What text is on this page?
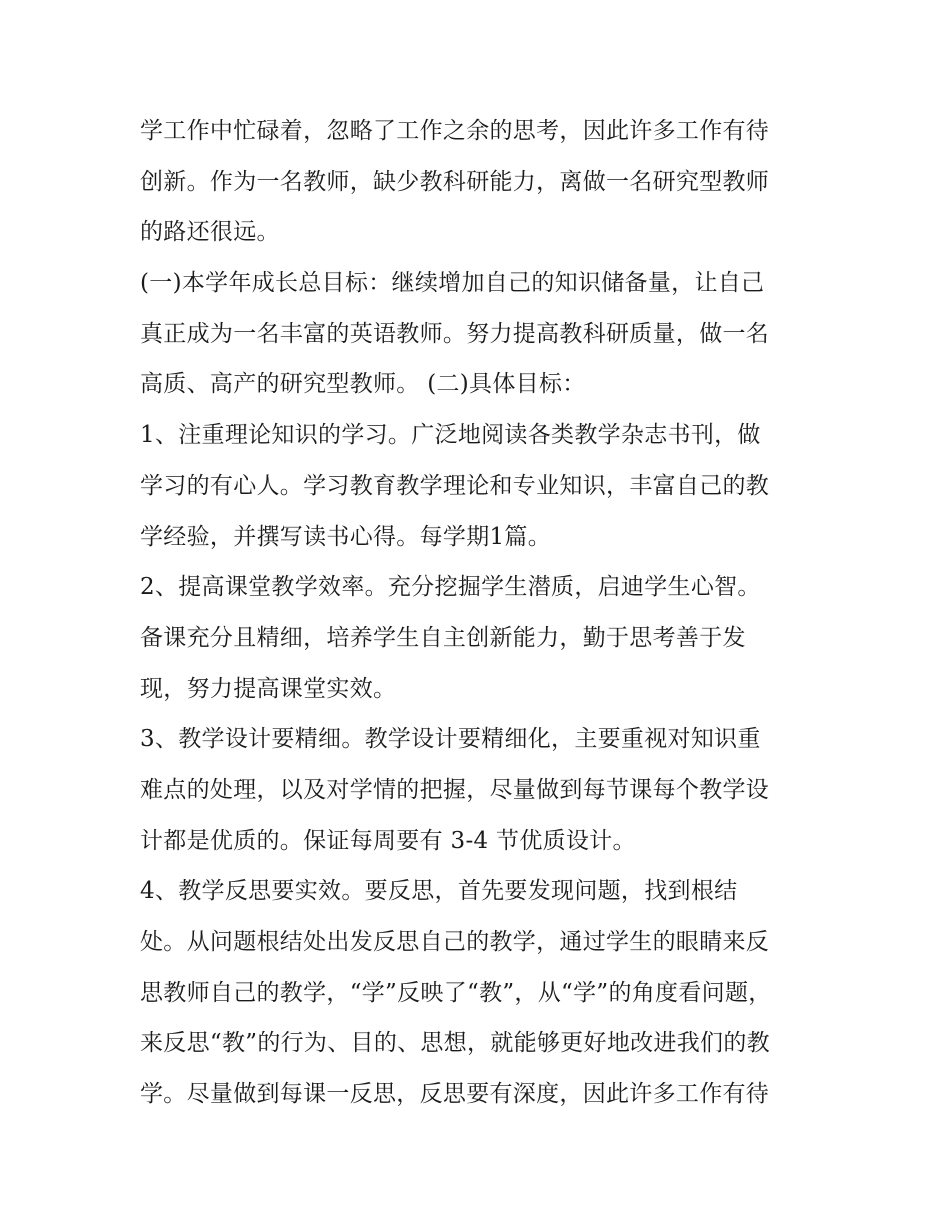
学工作中忙碌着，忽略了工作之余的思考，因此许多工作有待
创新。作为一名教师，缺少教科研能力，离做一名研究型教师
的路还很远。
(一)本学年成长总目标：继续增加自己的知识储备量，让自己
真正成为一名丰富的英语教师。努力提高教科研质量，做一名
高质、高产的研究型教师。 (二)具体目标：
1、注重理论知识的学习。广泛地阅读各类教学杂志书刊，做
学习的有心人。学习教育教学理论和专业知识，丰富自己的教
学经验，并撰写读书心得。每学期1篇。
2、提高课堂教学效率。充分挖掘学生潜质，启迪学生心智。
备课充分且精细，培养学生自主创新能力，勤于思考善于发
现，努力提高课堂实效。
3、教学设计要精细。教学设计要精细化，主要重视对知识重
难点的处理，以及对学情的把握，尽量做到每节课每个教学设
计都是优质的。保证每周要有 3-4 节优质设计。
4、教学反思要实效。要反思，首先要发现问题，找到根结
处。从问题根结处出发反思自己的教学，通过学生的眼睛来反
思教师自己的教学，“学”反映了“教”，从“学”的角度看问题，
来反思“教”的行为、目的、思想，就能够更好地改进我们的教
学。尽量做到每课一反思，反思要有深度，因此许多工作有待
